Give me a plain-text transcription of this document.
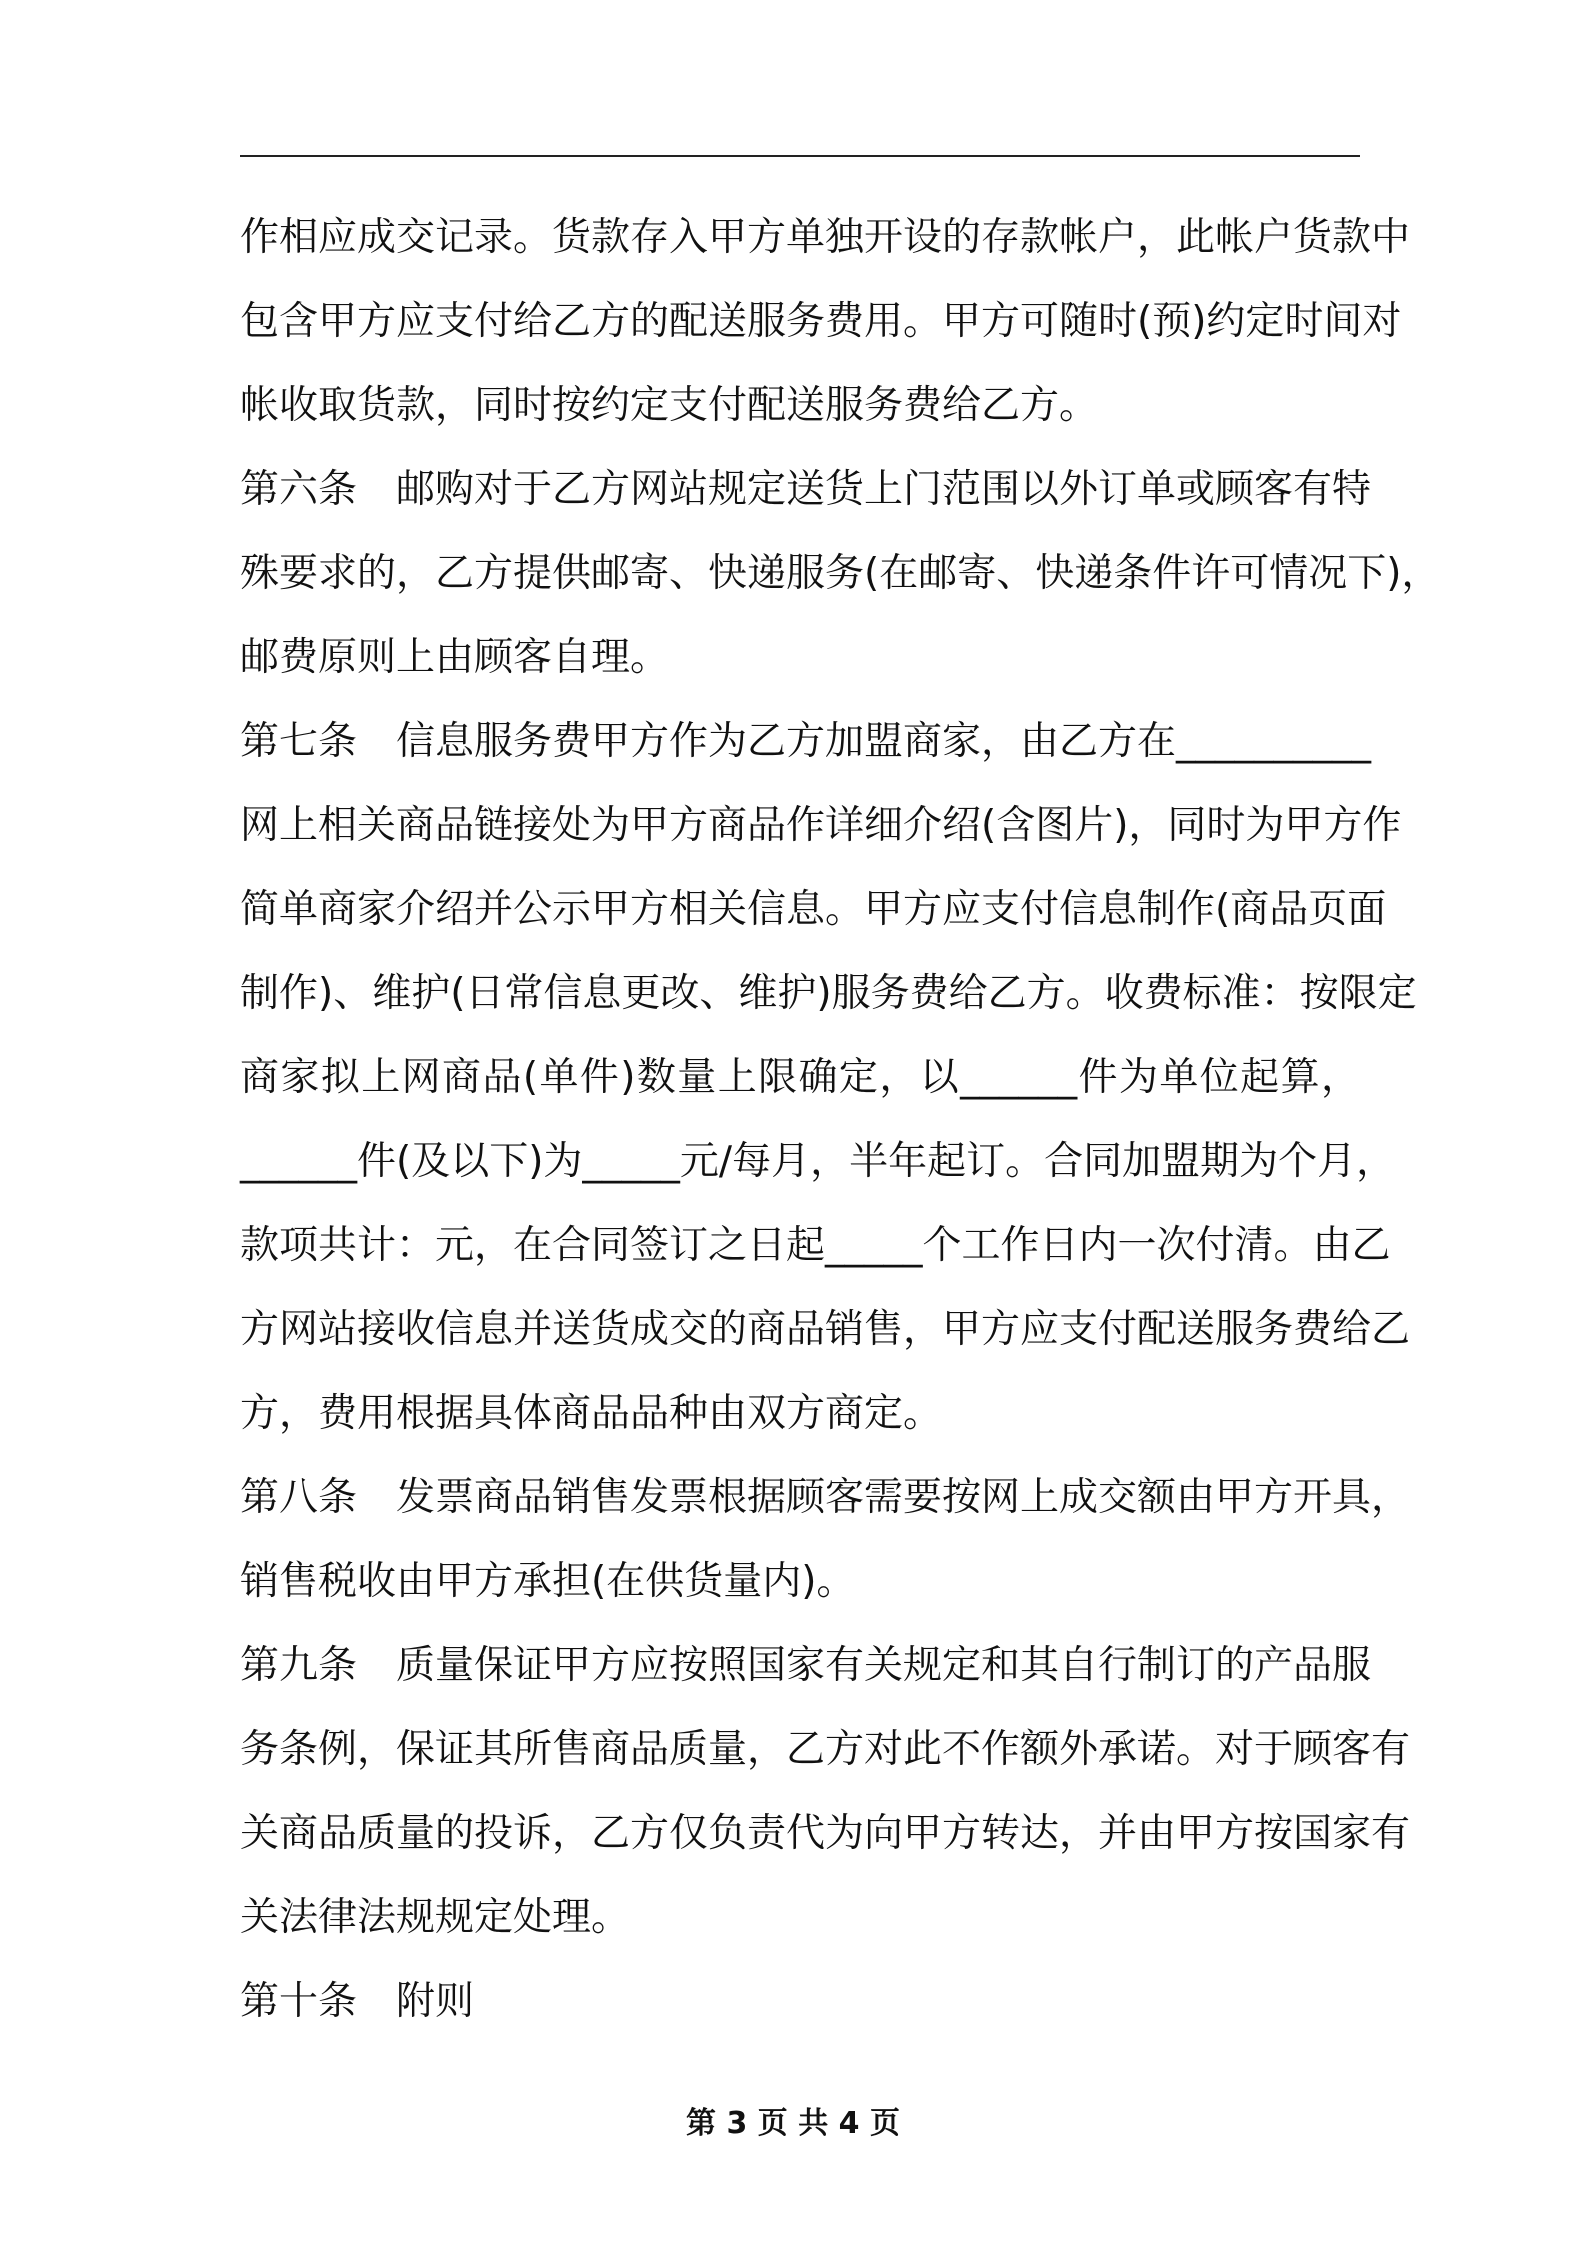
作相应成交记录。货款存入甲方单独开设的存款帐户，此帐户货款中
包含甲方应支付给乙方的配送服务费用。甲方可随时(预)约定时间对
帐收取货款，同时按约定支付配送服务费给乙方。
第六条　邮购对于乙方网站规定送货上门范围以外订单或顾客有特
殊要求的，乙方提供邮寄、快递服务(在邮寄、快递条件许可情况下)，
邮费原则上由顾客自理。
第七条　信息服务费甲方作为乙方加盟商家，由乙方在__________
网上相关商品链接处为甲方商品作详细介绍(含图片)，同时为甲方作
简单商家介绍并公示甲方相关信息。甲方应支付信息制作(商品页面
制作)、维护(日常信息更改、维护)服务费给乙方。收费标准：按限定
商家拟上网商品(单件)数量上限确定，以______件为单位起算，
______件(及以下)为_____元/每月，半年起订。合同加盟期为个月，
款项共计：元，在合同签订之日起_____个工作日内一次付清。由乙
方网站接收信息并送货成交的商品销售，甲方应支付配送服务费给乙
方，费用根据具体商品品种由双方商定。
第八条　发票商品销售发票根据顾客需要按网上成交额由甲方开具，
销售税收由甲方承担(在供货量内)。
第九条　质量保证甲方应按照国家有关规定和其自行制订的产品服
务条例，保证其所售商品质量，乙方对此不作额外承诺。对于顾客有
关商品质量的投诉，乙方仅负责代为向甲方转达，并由甲方按国家有
关法律法规规定处理。
第十条　附则
第 3 页 共 4 页
